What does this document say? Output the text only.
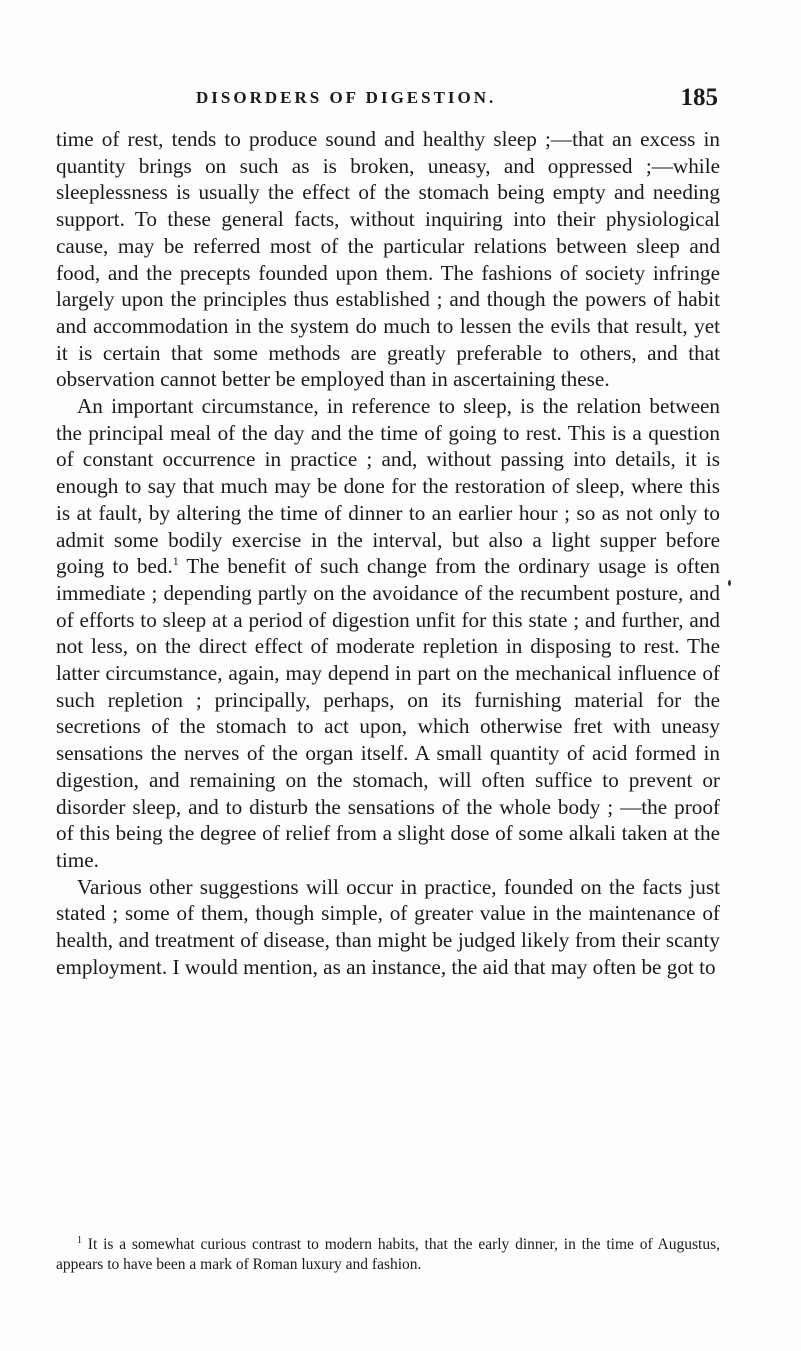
DISORDERS OF DIGESTION.	185

time of rest, tends to produce sound and healthy sleep ;—that an excess in quantity brings on such as is broken, uneasy, and oppressed ;—while sleeplessness is usually the effect of the stomach being empty and needing support. To these general facts, without inquiring into their physiological cause, may be referred most of the particular relations between sleep and food, and the precepts founded upon them. The fashions of society infringe largely upon the principles thus established ; and though the powers of habit and accommodation in the system do much to lessen the evils that result, yet it is certain that some methods are greatly preferable to others, and that observation cannot better be employed than in ascertaining these.

An important circumstance, in reference to sleep, is the relation between the principal meal of the day and the time of going to rest. This is a question of constant occurrence in practice ; and, without passing into details, it is enough to say that much may be done for the restoration of sleep, where this is at fault, by altering the time of dinner to an earlier hour ; so as not only to admit some bodily exercise in the interval, but also a light supper before going to bed.$^1$ The benefit of such change from the ordinary usage is often immediate ; depending partly on the avoidance of the recumbent posture, and of efforts to sleep at a period of digestion unfit for this state ; and further, and not less, on the direct effect of moderate repletion in disposing to rest. The latter circumstance, again, may depend in part on the mechanical influence of such repletion ; principally, perhaps, on its furnishing material for the secretions of the stomach to act upon, which otherwise fret with uneasy sensations the nerves of the organ itself. A small quantity of acid formed in digestion, and remaining on the stomach, will often suffice to prevent or disorder sleep, and to disturb the sensations of the whole body ; —the proof of this being the degree of relief from a slight dose of some alkali taken at the time.

Various other suggestions will occur in practice, founded on the facts just stated ; some of them, though simple, of greater value in the maintenance of health, and treatment of disease, than might be judged likely from their scanty employment. I would mention, as an instance, the aid that may often be got to

$^1$ It is a somewhat curious contrast to modern habits, that the early dinner, in the time of Augustus, appears to have been a mark of Roman luxury and fashion.
